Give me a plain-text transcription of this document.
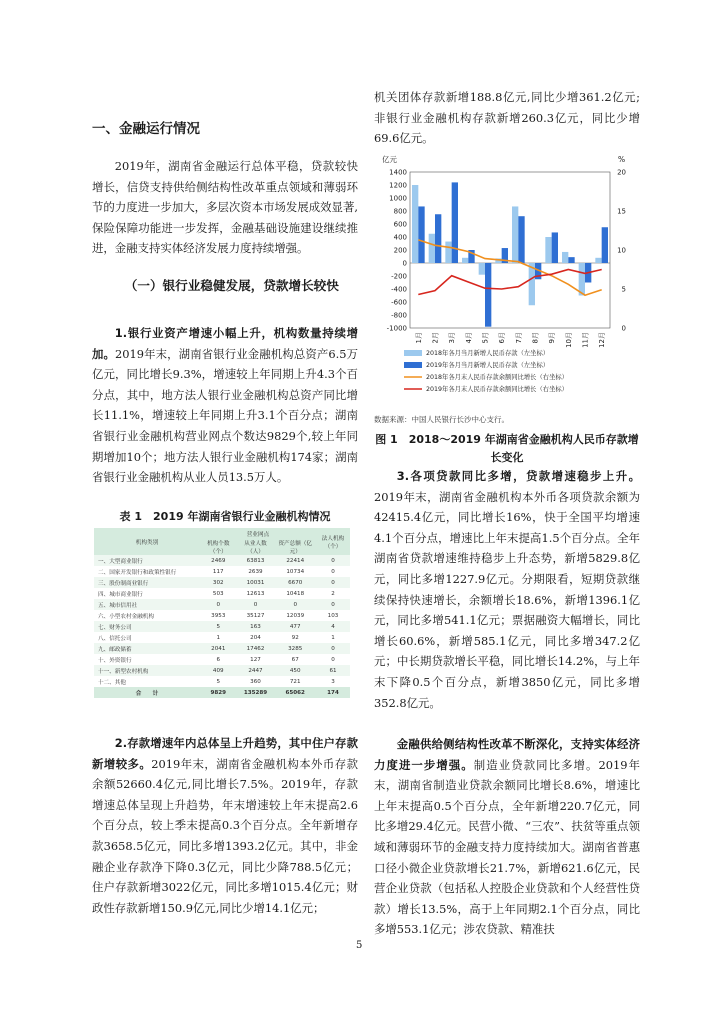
一、金融运行情况

2019年，湖南省金融运行总体平稳，贷款较快增长，信贷支持供给侧结构性改革重点领域和薄弱环节的力度进一步加大，多层次资本市场发展成效显著,保险保障功能进一步发挥，金融基础设施建设继续推进，金融支持实体经济发展力度持续增强。

（一）银行业稳健发展，贷款增长较快

1.银行业资产增速小幅上升，机构数量持续增加。2019年末，湖南省银行业金融机构总资产6.5万亿元，同比增长9.3%，增速较上年同期上升4.3个百分点，其中，地方法人银行业金融机构总资产同比增长11.1%，增速较上年同期上升3.1个百分点；湖南省银行业金融机构营业网点个数达9829个,较上年同期增加10个；地方法人银行业金融机构174家；湖南省银行业金融机构从业人员13.5万人。

表 1　2019 年湖南省银行业金融机构情况
机构类别	营业网点			法人机构（个）
	机构个数（个）	从业人数（人）	资产总额（亿元）	
一、大型商业银行	2469	63813	22414	0
二、国家开发银行和政策性银行	117	2639	10734	0
三、股份制商业银行	302	10031	6670	0
四、城市商业银行	503	12613	10418	2
五、城市信用社	0	0	0	0
六、小型农村金融机构	3953	35127	12039	103
七、财务公司	5	163	477	4
八、信托公司	1	204	92	1
九、邮政储蓄	2041	17462	3285	0
十、外资银行	6	127	67	0
十一、新型农村机构	409	2447	450	61
十二、其他	5	360	721	3
合　　计	9829	135289	65062	174

2.存款增速年内总体呈上升趋势，其中住户存款新增较多。2019年末，湖南省金融机构本外币存款余额52660.4亿元,同比增长7.5%。2019年，存款增速总体呈现上升趋势，年末增速较上年末提高2.6个百分点，较上季末提高0.3个百分点。全年新增存款3658.5亿元，同比多增1393.2亿元。其中，非金融企业存款净下降0.3亿元，同比少降788.5亿元；住户存款新增3022亿元，同比多增1015.4亿元；财政性存款新增150.9亿元,同比少增14.1亿元；

机关团体存款新增188.8亿元,同比少增361.2亿元;非银行业金融机构存款新增260.3亿元，同比少增69.6亿元。

亿元	%
1400
1200
1000
800
600
400
200
0
-200
-400
-600
-800
-1000
20
15
10
5
0
1月 2月 3月 4月 5月 6月 7月 8月 9月 10月 11月 12月
2018年各月当月新增人民币存款（左坐标）
2019年各月当月新增人民币存款（左坐标）
2018年各月末人民币存款余额同比增长（右坐标）
2019年各月末人民币存款余额同比增长（右坐标）
数据来源：中国人民银行长沙中心支行。
图 1　2018～2019 年湖南省金融机构人民币存款增长变化

3.各项贷款同比多增，贷款增速稳步上升。2019年末，湖南省金融机构本外币各项贷款余额为42415.4亿元，同比增长16%，快于全国平均增速4.1个百分点，增速比上年末提高1.5个百分点。全年湖南省贷款增速维持稳步上升态势，新增5829.8亿元，同比多增1227.9亿元。分期限看，短期贷款继续保持快速增长，余额增长18.6%，新增1396.1亿元，同比多增541.1亿元；票据融资大幅增长，同比增长60.6%，新增585.1亿元，同比多增347.2亿元；中长期贷款增长平稳，同比增长14.2%，与上年末下降0.5个百分点，新增3850亿元，同比多增352.8亿元。

金融供给侧结构性改革不断深化，支持实体经济力度进一步增强。制造业贷款同比多增。2019年末，湖南省制造业贷款余额同比增长8.6%，增速比上年末提高0.5个百分点，全年新增220.7亿元，同比多增29.4亿元。民营小微、“三农”、扶贫等重点领域和薄弱环节的金融支持力度持续加大。湖南省普惠口径小微企业贷款增长21.7%，新增621.6亿元，民营企业贷款（包括私人控股企业贷款和个人经营性贷款）增长13.5%，高于上年同期2.1个百分点，同比多增553.1亿元；涉农贷款、精准扶

5
